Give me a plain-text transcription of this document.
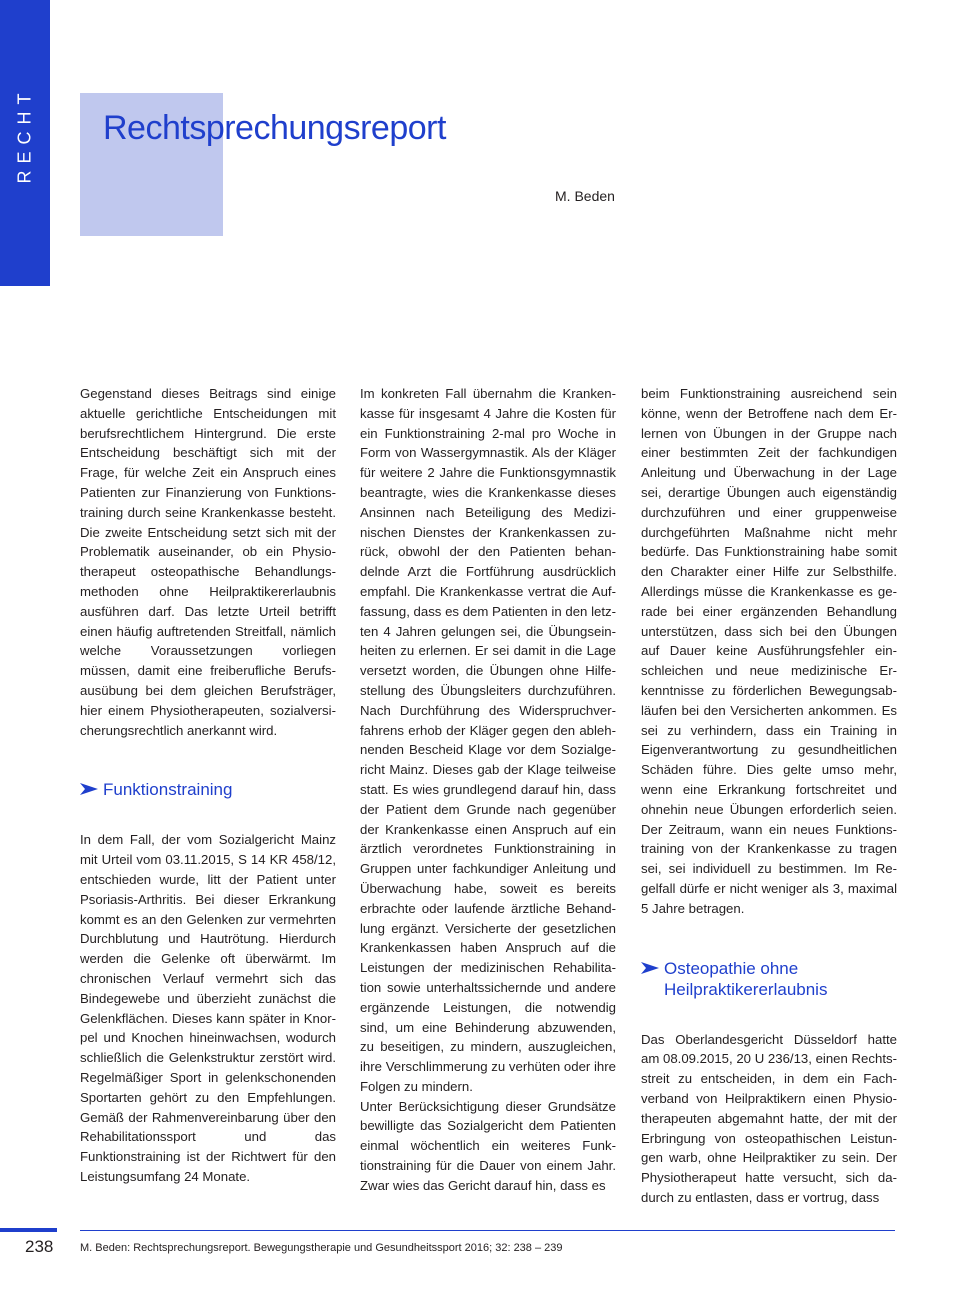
RECHT Rechtsprechungsreport
M. Beden

Gegenstand dieses Beitrags sind einige aktuelle gerichtliche Entscheidungen mit berufsrechtlichem Hintergrund. Die erste Entscheidung beschäftigt sich mit der Frage, für welche Zeit ein Anspruch eines Patienten zur Finanzierung von Funktionstraining durch seine Krankenkasse besteht. Die zweite Entscheidung setzt sich mit der Problematik auseinander, ob ein Physiotherapeut osteopathische Behandlungsmethoden ohne Heilpraktikererlaubnis ausführen darf. Das letzte Urteil betrifft einen häufig auftretenden Streitfall, nämlich welche Voraussetzungen vorliegen müssen, damit eine freiberufliche Berufsausübung bei dem gleichen Berufsträger, hier einem Physiotherapeuten, sozialversicherungsrechtlich anerkannt wird.

Funktionstraining

In dem Fall, der vom Sozialgericht Mainz mit Urteil vom 03.11.2015, S 14 KR 458/12, entschieden wurde, litt der Patient unter Psoriasis-Arthritis. Bei dieser Erkrankung kommt es an den Gelenken zur vermehrten Durchblutung und Hautrötung. Hierdurch werden die Gelenke oft überwärmt. Im chronischen Verlauf vermehrt sich das Bindegewebe und überzieht zunächst die Gelenkflächen. Dieses kann später in Knorpel und Knochen hineinwachsen, wodurch schließlich die Gelenkstruktur zerstört wird. Regelmäßiger Sport in gelenkschonenden Sportarten gehört zu den Empfehlungen. Gemäß der Rahmenvereinbarung über den Rehabilitationssport und das Funktionstraining ist der Richtwert für den Leistungsumfang 24 Monate.

Im konkreten Fall übernahm die Krankenkasse für insgesamt 4 Jahre die Kosten für ein Funktionstraining 2-mal pro Woche in Form von Wassergymnastik. Als der Kläger für weitere 2 Jahre die Funktionsgymnastik beantragte, wies die Krankenkasse dieses Ansinnen nach Beteiligung des Medizinischen Dienstes der Krankenkassen zurück, obwohl der den Patienten behandelnde Arzt die Fortführung ausdrücklich empfahl. Die Krankenkasse vertrat die Auffassung, dass es dem Patienten in den letzten 4 Jahren gelungen sei, die Übungseinheiten zu erlernen. Er sei damit in die Lage versetzt worden, die Übungen ohne Hilfestellung des Übungsleiters durchzuführen. Nach Durchführung des Widerspruchverfahrens erhob der Kläger gegen den ablehnenden Bescheid Klage vor dem Sozialgericht Mainz. Dieses gab der Klage teilweise statt. Es wies grundlegend darauf hin, dass der Patient dem Grunde nach gegenüber der Krankenkasse einen Anspruch auf ein ärztlich verordnetes Funktionstraining in Gruppen unter fachkundiger Anleitung und Überwachung habe, soweit es bereits erbrachte oder laufende ärztliche Behandlung ergänzt. Versicherte der gesetzlichen Krankenkassen haben Anspruch auf die Leistungen der medizinischen Rehabilitation sowie unterhaltssichernde und andere ergänzende Leistungen, die notwendig sind, um eine Behinderung abzuwenden, zu beseitigen, zu mindern, auszugleichen, ihre Verschlimmerung zu verhüten oder ihre Folgen zu mindern.

Unter Berücksichtigung dieser Grundsätze bewilligte das Sozialgericht dem Patienten einmal wöchentlich ein weiteres Funktionstraining für die Dauer von einem Jahr. Zwar wies das Gericht darauf hin, dass es

beim Funktionstraining ausreichend sein könne, wenn der Betroffene nach dem Erlernen von Übungen in der Gruppe nach einer bestimmten Zeit der fachkundigen Anleitung und Überwachung in der Lage sei, derartige Übungen auch eigenständig durchzuführen und einer gruppenweise durchgeführten Maßnahme nicht mehr bedürfe. Das Funktionstraining habe somit den Charakter einer Hilfe zur Selbsthilfe. Allerdings müsse die Krankenkasse es gerade bei einer ergänzenden Behandlung unterstützen, dass sich bei den Übungen auf Dauer keine Ausführungsfehler einschleichen und neue medizinische Erkenntnisse zu förderlichen Bewegungsabläufen bei den Versicherten ankommen. Es sei zu verhindern, dass ein Training in Eigenverantwortung zu gesundheitlichen Schäden führe. Dies gelte umso mehr, wenn eine Erkrankung fortschreitet und ohnehin neue Übungen erforderlich seien. Der Zeitraum, wann ein neues Funktionstraining von der Krankenkasse zu tragen sei, sei individuell zu bestimmen. Im Regelfall dürfe er nicht weniger als 3, maximal 5 Jahre betragen.

Osteopathie ohne Heilpraktikererlaubnis

Das Oberlandesgericht Düsseldorf hatte am 08.09.2015, 20 U 236/13, einen Rechtsstreit zu entscheiden, in dem ein Fachverband von Heilpraktikern einen Physiotherapeuten abgemahnt hatte, der mit der Erbringung von osteopathischen Leistungen warb, ohne Heilpraktiker zu sein. Der Physiotherapeut hatte versucht, sich dadurch zu entlasten, dass er vortrug, dass

238 M. Beden: Rechtsprechungsreport. Bewegungstherapie und Gesundheitssport 2016; 32: 238 – 239
